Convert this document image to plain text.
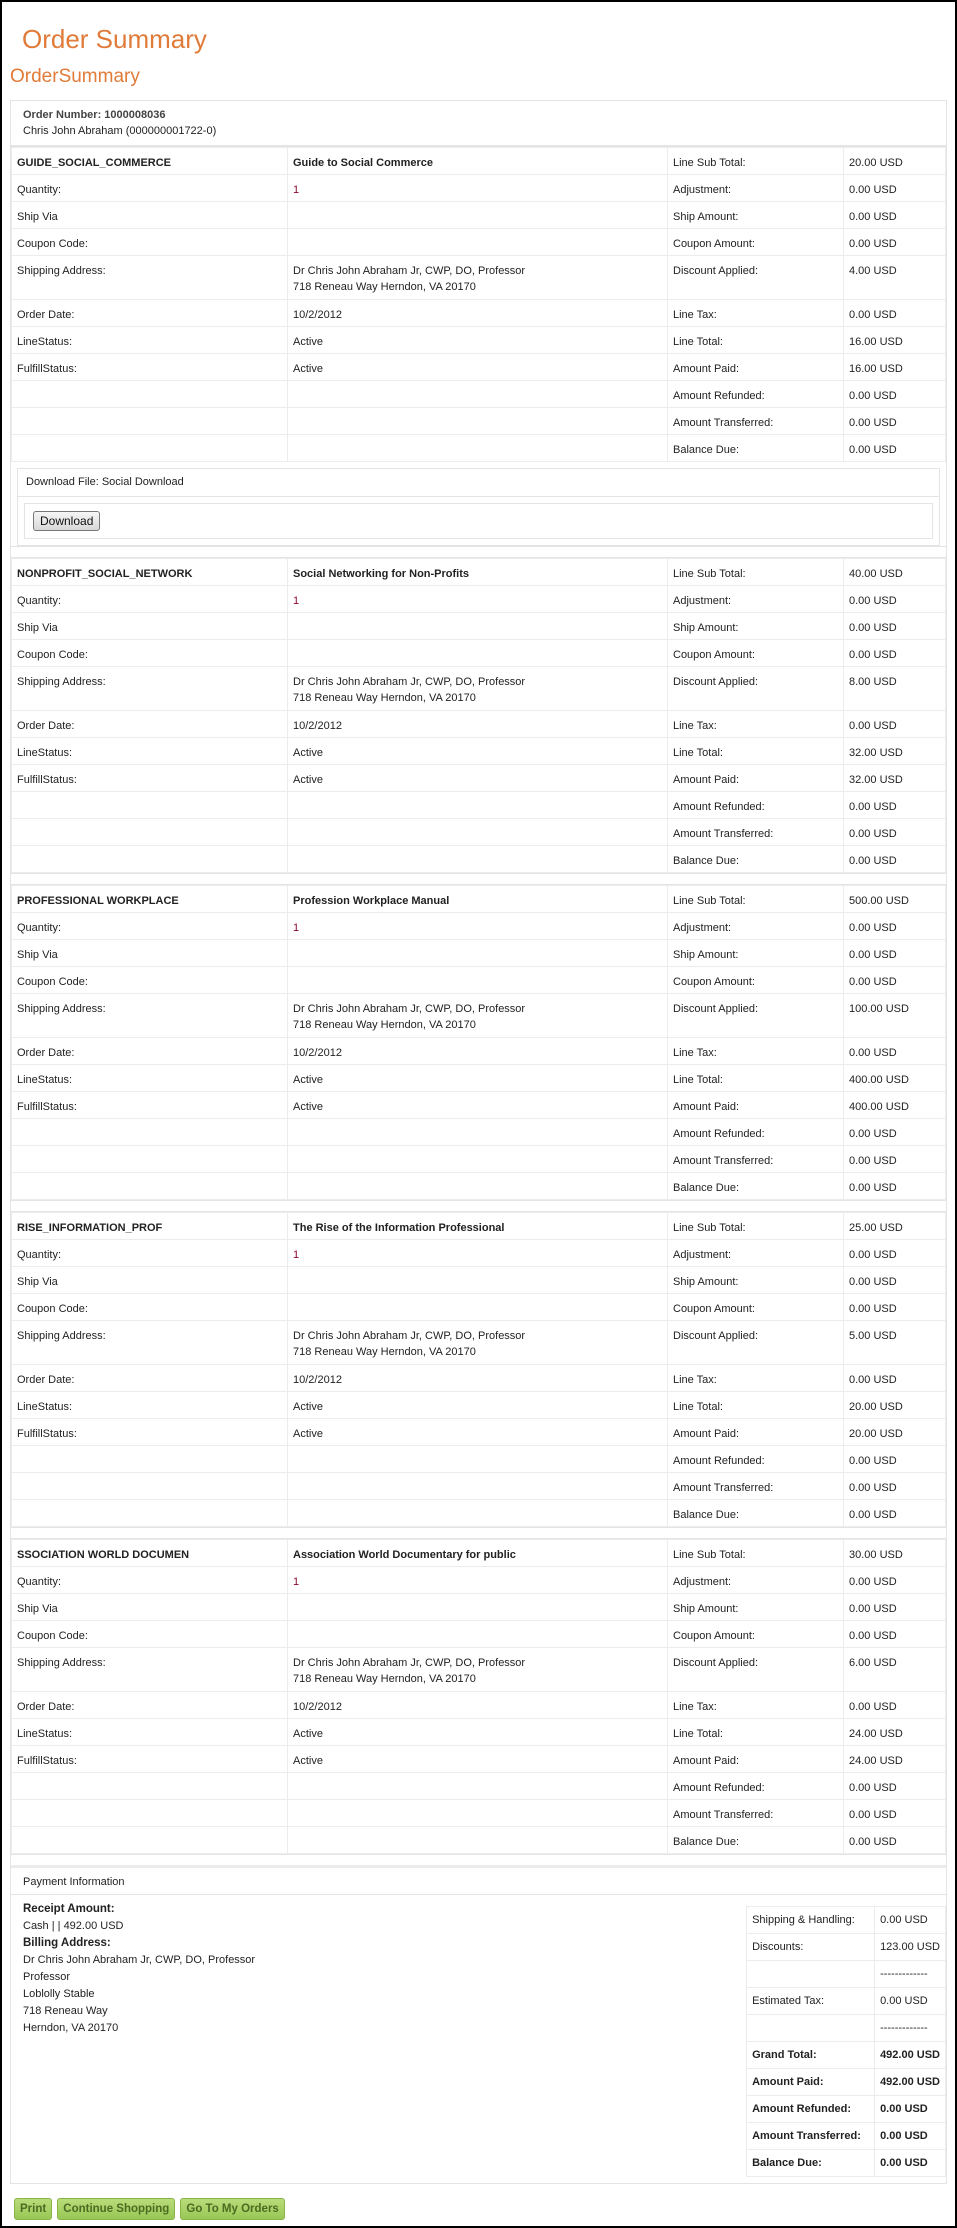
Order Summary
OrderSummary
Order Number: 1000008036
Chris John Abraham (000000001722-0)
GUIDE_SOCIAL_COMMERCE	Guide to Social Commerce	Line Sub Total:	20.00 USD
Quantity:	1	Adjustment:	0.00 USD
Ship Via		Ship Amount:	0.00 USD
Coupon Code:		Coupon Amount:	0.00 USD
Shipping Address:	Dr Chris John Abraham Jr, CWP, DO, Professor
718 Reneau Way Herndon, VA 20170	Discount Applied:	4.00 USD
Order Date:	10/2/2012	Line Tax:	0.00 USD
LineStatus:	Active	Line Total:	16.00 USD
FulfillStatus:	Active	Amount Paid:	16.00 USD
		Amount Refunded:	0.00 USD
		Amount Transferred:	0.00 USD
		Balance Due:	0.00 USD
Download File: Social Download
Download
NONPROFIT_SOCIAL_NETWORK	Social Networking for Non-Profits	Line Sub Total:	40.00 USD
Quantity:	1	Adjustment:	0.00 USD
Ship Via		Ship Amount:	0.00 USD
Coupon Code:		Coupon Amount:	0.00 USD
Shipping Address:	Dr Chris John Abraham Jr, CWP, DO, Professor
718 Reneau Way Herndon, VA 20170	Discount Applied:	8.00 USD
Order Date:	10/2/2012	Line Tax:	0.00 USD
LineStatus:	Active	Line Total:	32.00 USD
FulfillStatus:	Active	Amount Paid:	32.00 USD
		Amount Refunded:	0.00 USD
		Amount Transferred:	0.00 USD
		Balance Due:	0.00 USD
PROFESSIONAL WORKPLACE	Profession Workplace Manual	Line Sub Total:	500.00 USD
Quantity:	1	Adjustment:	0.00 USD
Ship Via		Ship Amount:	0.00 USD
Coupon Code:		Coupon Amount:	0.00 USD
Shipping Address:	Dr Chris John Abraham Jr, CWP, DO, Professor
718 Reneau Way Herndon, VA 20170	Discount Applied:	100.00 USD
Order Date:	10/2/2012	Line Tax:	0.00 USD
LineStatus:	Active	Line Total:	400.00 USD
FulfillStatus:	Active	Amount Paid:	400.00 USD
		Amount Refunded:	0.00 USD
		Amount Transferred:	0.00 USD
		Balance Due:	0.00 USD
RISE_INFORMATION_PROF	The Rise of the Information Professional	Line Sub Total:	25.00 USD
Quantity:	1	Adjustment:	0.00 USD
Ship Via		Ship Amount:	0.00 USD
Coupon Code:		Coupon Amount:	0.00 USD
Shipping Address:	Dr Chris John Abraham Jr, CWP, DO, Professor
718 Reneau Way Herndon, VA 20170	Discount Applied:	5.00 USD
Order Date:	10/2/2012	Line Tax:	0.00 USD
LineStatus:	Active	Line Total:	20.00 USD
FulfillStatus:	Active	Amount Paid:	20.00 USD
		Amount Refunded:	0.00 USD
		Amount Transferred:	0.00 USD
		Balance Due:	0.00 USD
SSOCIATION WORLD DOCUMEN	Association World Documentary for public	Line Sub Total:	30.00 USD
Quantity:	1	Adjustment:	0.00 USD
Ship Via		Ship Amount:	0.00 USD
Coupon Code:		Coupon Amount:	0.00 USD
Shipping Address:	Dr Chris John Abraham Jr, CWP, DO, Professor
718 Reneau Way Herndon, VA 20170	Discount Applied:	6.00 USD
Order Date:	10/2/2012	Line Tax:	0.00 USD
LineStatus:	Active	Line Total:	24.00 USD
FulfillStatus:	Active	Amount Paid:	24.00 USD
		Amount Refunded:	0.00 USD
		Amount Transferred:	0.00 USD
		Balance Due:	0.00 USD
Payment Information
Receipt Amount:
Cash | | 492.00 USD
Billing Address:
Dr Chris John Abraham Jr, CWP, DO, Professor
Professor
Loblolly Stable
718 Reneau Way
Herndon, VA 20170
Shipping & Handling:	0.00 USD
Discounts:	123.00 USD
	-------------
Estimated Tax:	0.00 USD
	-------------
Grand Total:	492.00 USD
Amount Paid:	492.00 USD
Amount Refunded:	0.00 USD
Amount Transferred:	0.00 USD
Balance Due:	0.00 USD
Print Continue Shopping Go To My Orders
